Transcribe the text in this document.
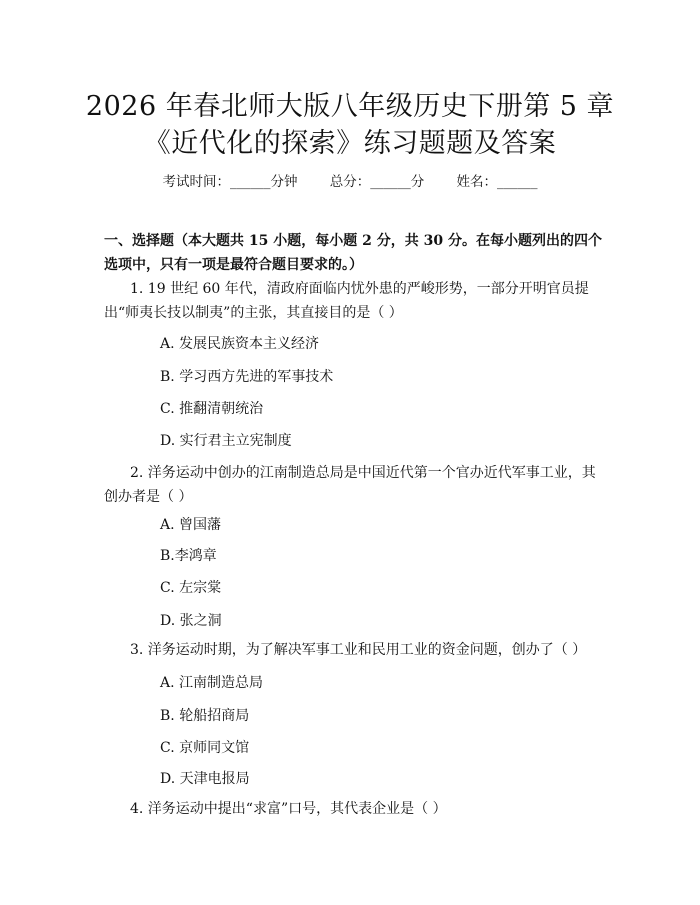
2026 年春北师大版八年级历史下册第 5 章
《近代化的探索》练习题题及答案
考试时间：______分钟 总分：______分 姓名：______
一、选择题（本大题共 15 小题，每小题 2 分，共 30 分。在每小题列出的四个选项中，只有一项是最符合题目要求的。）
1. 19 世纪 60 年代，清政府面临内忧外患的严峻形势，一部分开明官员提出“师夷长技以制夷”的主张，其直接目的是（ ）
A. 发展民族资本主义经济
B. 学习西方先进的军事技术
C. 推翻清朝统治
D. 实行君主立宪制度
2. 洋务运动中创办的江南制造总局是中国近代第一个官办近代军事工业，其创办者是（ ）
A. 曾国藩
B.李鸿章
C. 左宗棠
D. 张之洞
3. 洋务运动时期，为了解决军事工业和民用工业的资金问题，创办了（ ）
A. 江南制造总局
B. 轮船招商局
C. 京师同文馆
D. 天津电报局
4. 洋务运动中提出“求富”口号，其代表企业是（ ）
